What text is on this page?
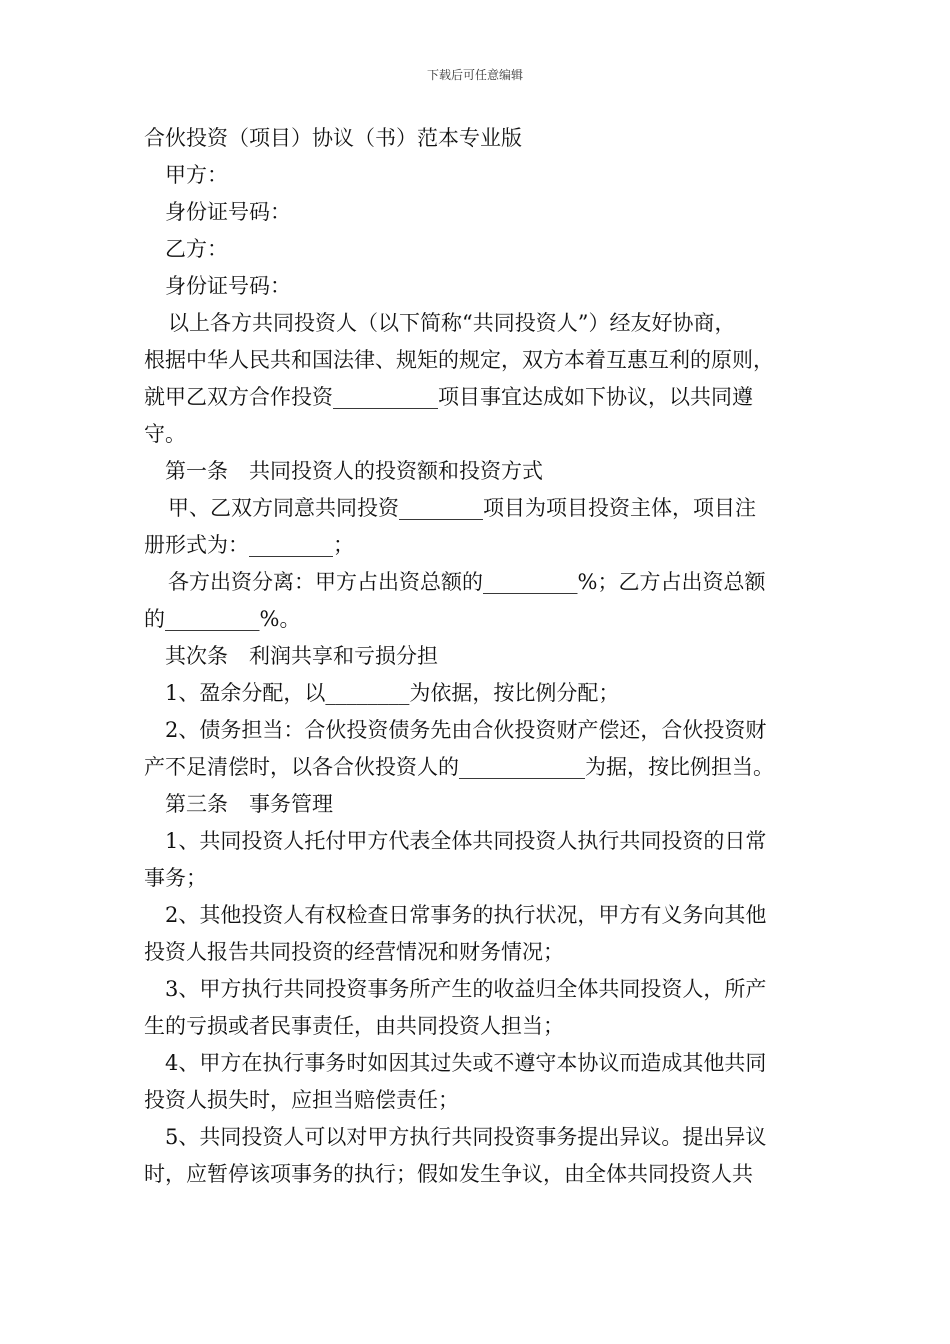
下载后可任意编辑
合伙投资（项目）协议（书）范本专业版
甲方：
身份证号码：
乙方：
身份证号码：
以上各方共同投资人（以下简称“共同投资人”）经友好协商，
根据中华人民共和国法律、规矩的规定，双方本着互惠互利的原则，
就甲乙双方合作投资__________项目事宜达成如下协议，以共同遵
守。
第一条　共同投资人的投资额和投资方式
甲、乙双方同意共同投资________项目为项目投资主体，项目注
册形式为：________；
各方出资分离：甲方占出资总额的_________%；乙方占出资总额
的_________%。
其次条　利润共享和亏损分担
1、盈余分配，以________为依据，按比例分配；
2、债务担当：合伙投资债务先由合伙投资财产偿还，合伙投资财
产不足清偿时，以各合伙投资人的____________为据，按比例担当。
第三条　事务管理
1、共同投资人托付甲方代表全体共同投资人执行共同投资的日常
事务；
2、其他投资人有权检查日常事务的执行状况，甲方有义务向其他
投资人报告共同投资的经营情况和财务情况；
3、甲方执行共同投资事务所产生的收益归全体共同投资人，所产
生的亏损或者民事责任，由共同投资人担当；
4、甲方在执行事务时如因其过失或不遵守本协议而造成其他共同
投资人损失时，应担当赔偿责任；
5、共同投资人可以对甲方执行共同投资事务提出异议。提出异议
时，应暂停该项事务的执行；假如发生争议，由全体共同投资人共
